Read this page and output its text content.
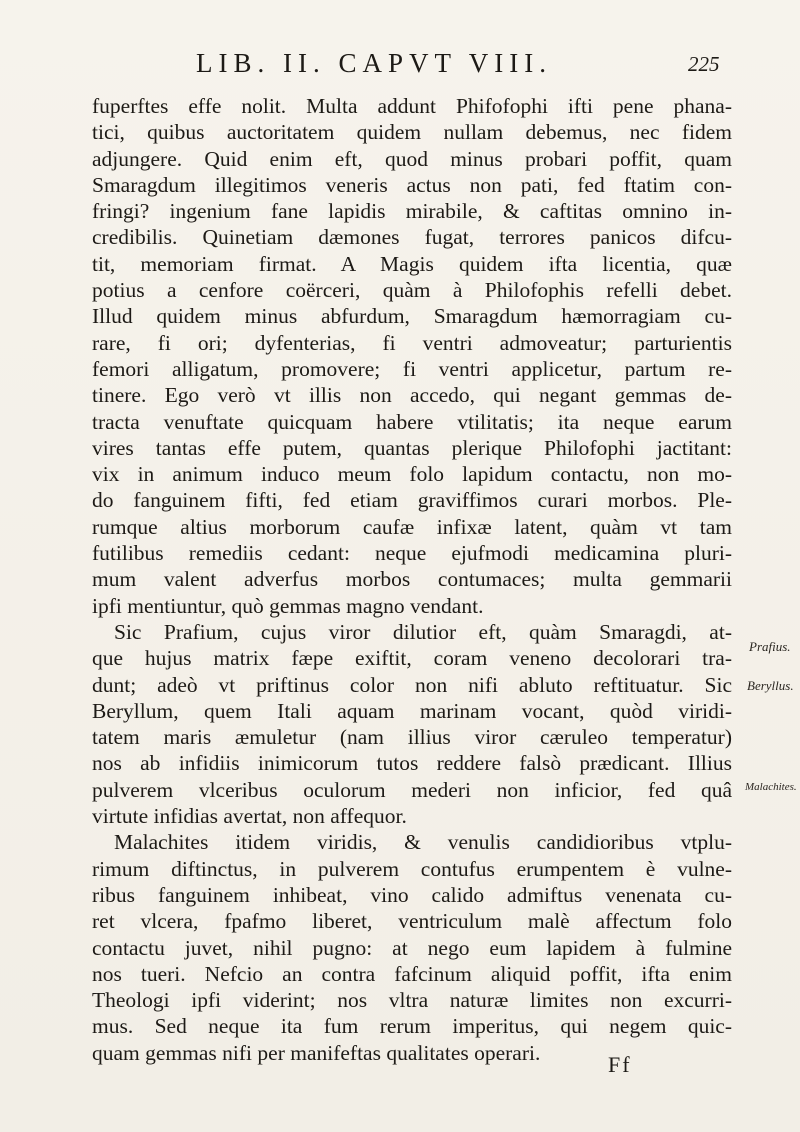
LIB. II. CAPVT VIII.	225
fuperftes effe nolit. Multa addunt Phifofophi ifti pene phana-
tici, quibus auctoritatem quidem nullam debemus, nec fidem
adjungere. Quid enim eft, quod minus probari poffit, quam
Smaragdum illegitimos veneris actus non pati, fed ftatim con-
fringi? ingenium fane lapidis mirabile, & caftitas omnino in-
credibilis. Quinetiam dæmones fugat, terrores panicos difcu-
tit, memoriam firmat. A Magis quidem ifta licentia, quæ
potius a cenfore coërceri, quàm à Philofophis refelli debet.
Illud quidem minus abfurdum, Smaragdum hæmorragiam cu-
rare, fi ori; dyfenterias, fi ventri admoveatur; parturientis
femori alligatum, promovere; fi ventri applicetur, partum re-
tinere. Ego verò vt illis non accedo, qui negant gemmas de-
tracta venuftate quicquam habere vtilitatis; ita neque earum
vires tantas effe putem, quantas plerique Philofophi jactitant:
vix in animum induco meum folo lapidum contactu, non mo-
do fanguinem fifti, fed etiam graviffimos curari morbos. Ple-
rumque altius morborum caufæ infixæ latent, quàm vt tam
futilibus remediis cedant: neque ejufmodi medicamina pluri-
mum valent adverfus morbos contumaces; multa gemmarii
ipfi mentiuntur, quò gemmas magno vendant.
Sic Prafium, cujus viror dilutior eft, quàm Smaragdi, at-
que hujus matrix fæpe exiftit, coram veneno decolorari tra-
dunt; adeò vt priftinus color non nifi abluto reftituatur. Sic
Beryllum, quem Itali aquam marinam vocant, quòd viridi-
tatem maris æmuletur (nam illius viror cæruleo temperatur)
nos ab infidiis inimicorum tutos reddere falsò prædicant. Illius
pulverem vlceribus oculorum mederi non inficior, fed quâ
virtute infidias avertat, non affequor.
Malachites itidem viridis, & venulis candidioribus vtplu-
rimum diftinctus, in pulverem contufus erumpentem è vulne-
ribus fanguinem inhibeat, vino calido admiftus venenata cu-
ret vlcera, fpafmo liberet, ventriculum malè affectum folo
contactu juvet, nihil pugno: at nego eum lapidem à fulmine
nos tueri. Nefcio an contra fafcinum aliquid poffit, ifta enim
Theologi ipfi viderint; nos vltra naturæ limites non excurri-
mus. Sed neque ita fum rerum imperitus, qui negem quic-
quam gemmas nifi per manifeftas qualitates operari.
Prafius.
Beryllus.
Malachites.
Ff
